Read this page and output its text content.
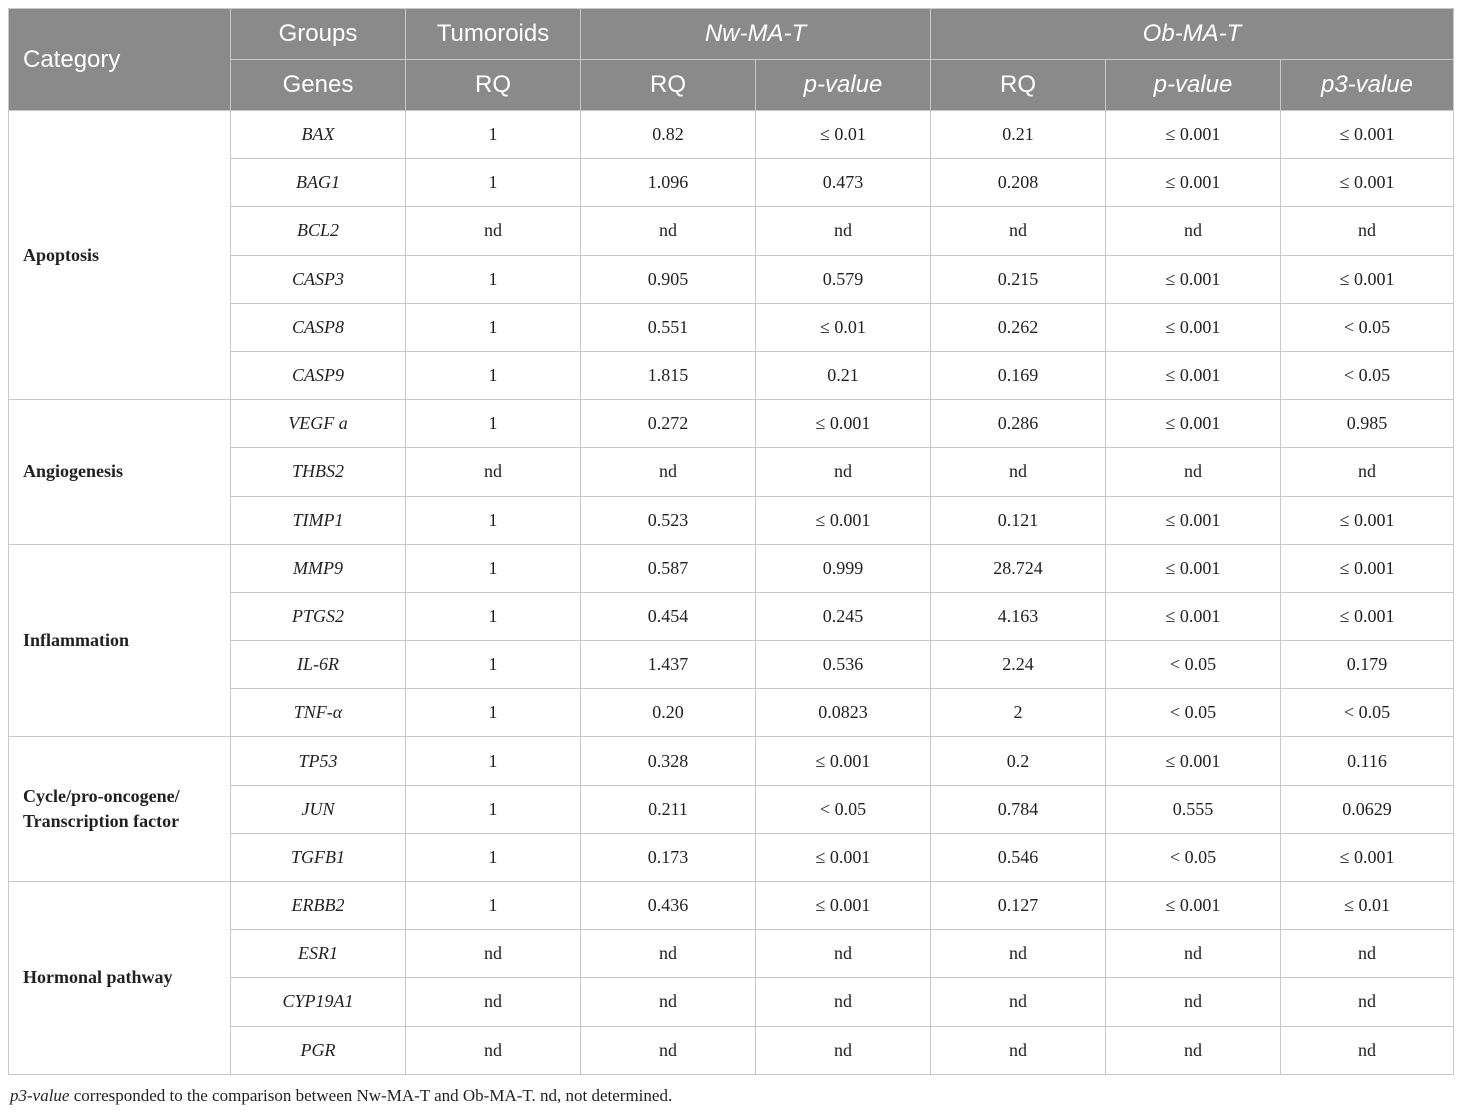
Category	Groups	Tumoroids	Nw-MA-T		Ob-MA-T		
	Genes	RQ	RQ	p-value	RQ	p-value	p3-value
Apoptosis	BAX	1	0.82	≤ 0.01	0.21	≤ 0.001	≤ 0.001
	BAG1	1	1.096	0.473	0.208	≤ 0.001	≤ 0.001
	BCL2	nd	nd	nd	nd	nd	nd
	CASP3	1	0.905	0.579	0.215	≤ 0.001	≤ 0.001
	CASP8	1	0.551	≤ 0.01	0.262	≤ 0.001	< 0.05
	CASP9	1	1.815	0.21	0.169	≤ 0.001	< 0.05
Angiogenesis	VEGF a	1	0.272	≤ 0.001	0.286	≤ 0.001	0.985
	THBS2	nd	nd	nd	nd	nd	nd
	TIMP1	1	0.523	≤ 0.001	0.121	≤ 0.001	≤ 0.001
Inflammation	MMP9	1	0.587	0.999	28.724	≤ 0.001	≤ 0.001
	PTGS2	1	0.454	0.245	4.163	≤ 0.001	≤ 0.001
	IL-6R	1	1.437	0.536	2.24	< 0.05	0.179
	TNF-α	1	0.20	0.0823	2	< 0.05	< 0.05
Cycle/pro-oncogene/ Transcription factor	TP53	1	0.328	≤ 0.001	0.2	≤ 0.001	0.116
	JUN	1	0.211	< 0.05	0.784	0.555	0.0629
	TGFB1	1	0.173	≤ 0.001	0.546	< 0.05	≤ 0.001
Hormonal pathway	ERBB2	1	0.436	≤ 0.001	0.127	≤ 0.001	≤ 0.01
	ESR1	nd	nd	nd	nd	nd	nd
	CYP19A1	nd	nd	nd	nd	nd	nd
	PGR	nd	nd	nd	nd	nd	nd

p3-value corresponded to the comparison between Nw-MA-T and Ob-MA-T. nd, not determined.
